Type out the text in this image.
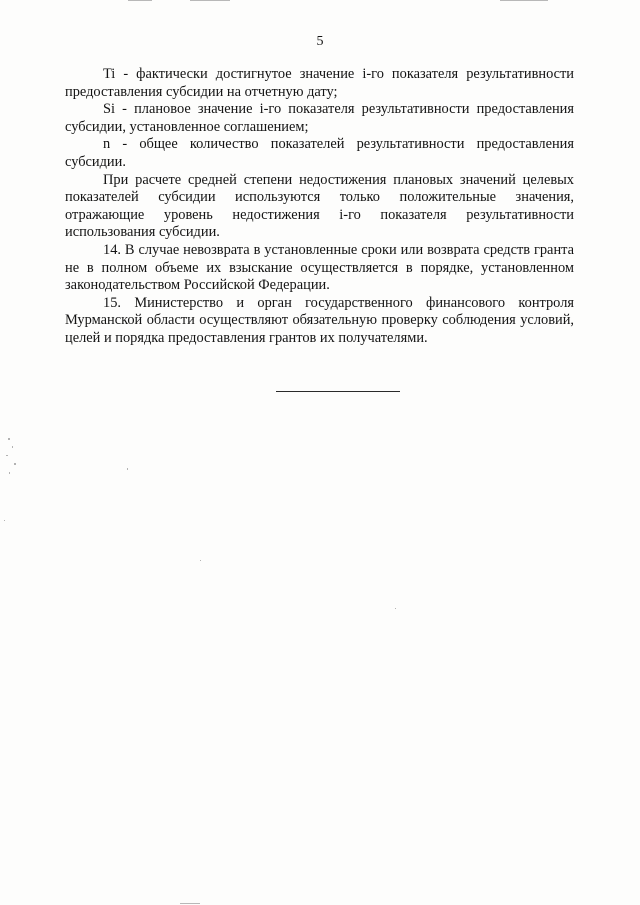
5

Ti - фактически достигнутое значение i-го показателя результативности предоставления субсидии на отчетную дату;

Si - плановое значение i-го показателя результативности предоставления субсидии, установленное соглашением;

n - общее количество показателей результативности предоставления субсидии.

При расчете средней степени недостижения плановых значений целевых показателей субсидии используются только положительные значения, отражающие уровень недостижения i-го показателя результативности использования субсидии.

14. В случае невозврата в установленные сроки или возврата средств гранта не в полном объеме их взыскание осуществляется в порядке, установленном законодательством Российской Федерации.

15. Министерство и орган государственного финансового контроля Мурманской области осуществляют обязательную проверку соблюдения условий, целей и порядка предоставления грантов их получателями.
